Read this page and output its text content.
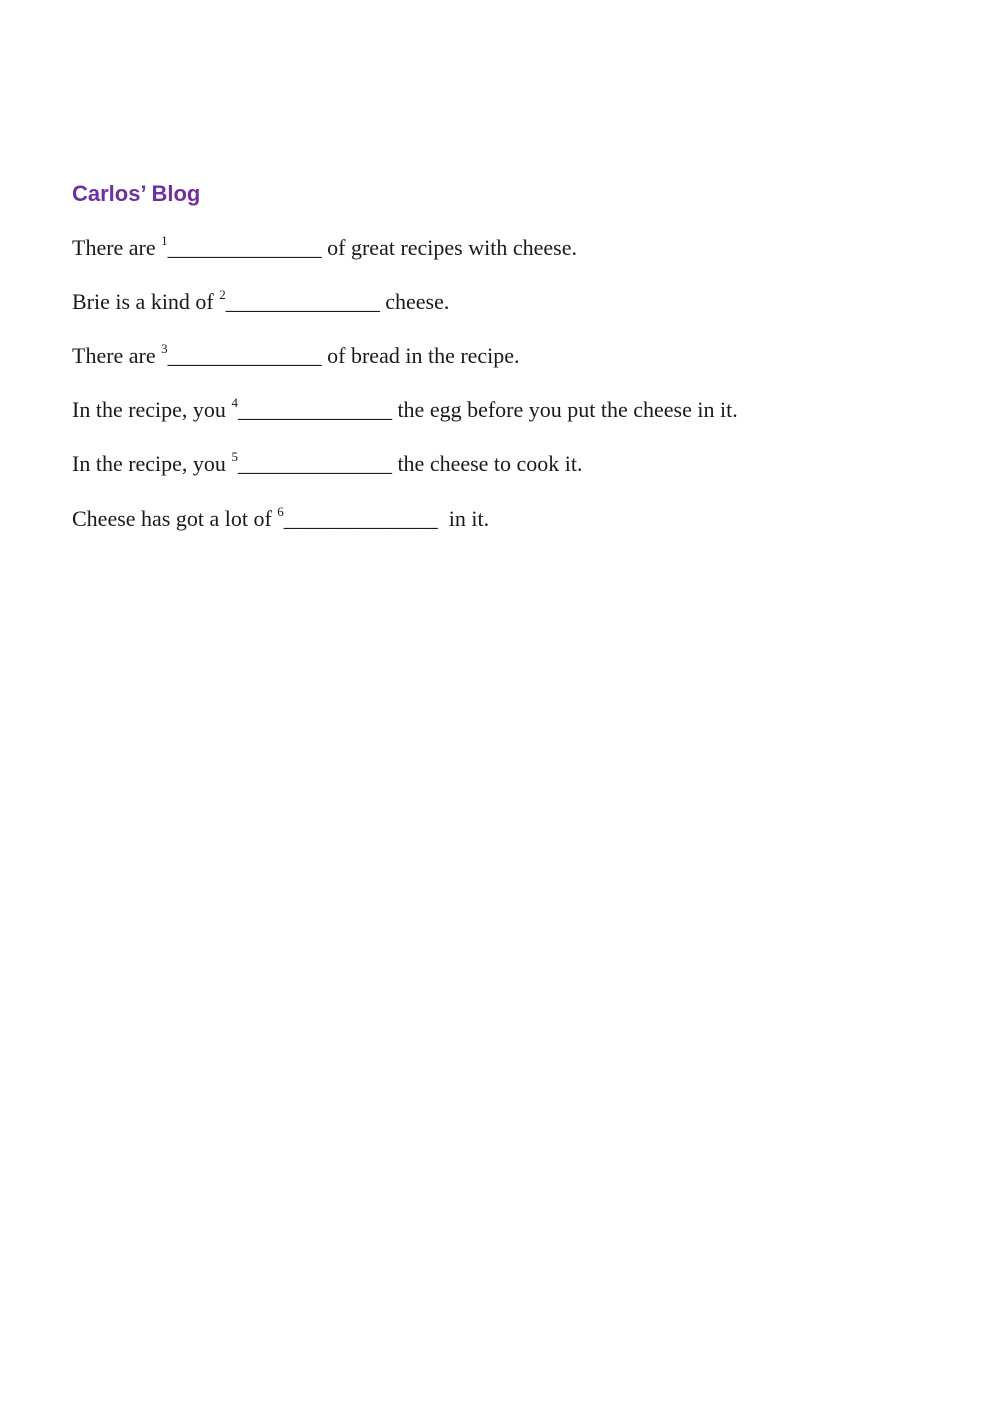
Carlos’ Blog
There are $^1$______________ of great recipes with cheese.
Brie is a kind of $^2$______________ cheese.
There are $^3$______________ of bread in the recipe.
In the recipe, you $^4$______________ the egg before you put the cheese in it.
In the recipe, you $^5$______________ the cheese to cook it.
Cheese has got a lot of $^6$______________  in it.
